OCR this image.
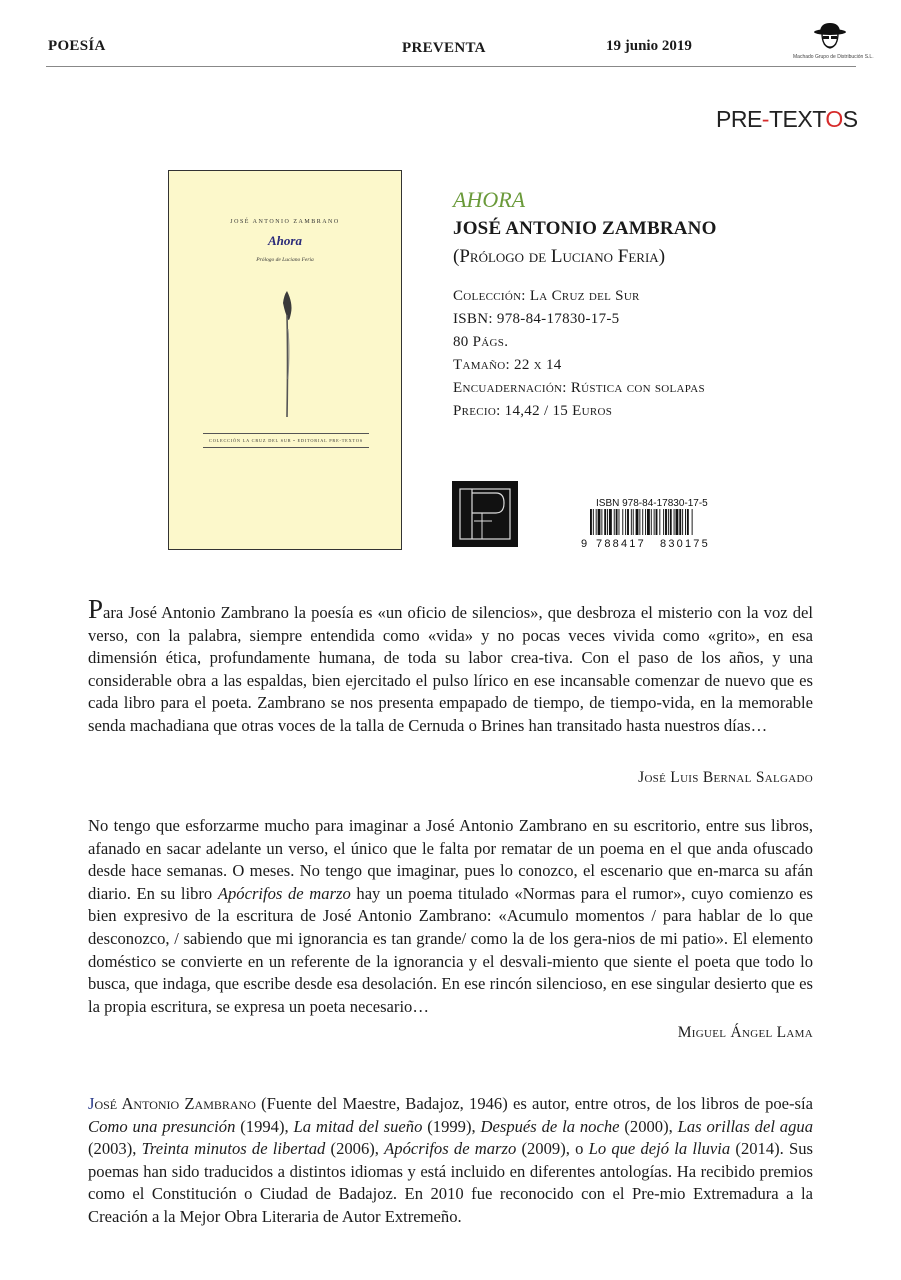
POESÍA	PREVENTA	19 junio 2019
Machado Grupo de Distribución S.L.
PRE-TEXTOS
JOSÉ ANTONIO ZAMBRANO
Ahora
Prólogo de Luciano Feria
COLECCIÓN LA CRUZ DEL SUR • EDITORIAL PRE-TEXTOS
AHORA
JOSÉ ANTONIO ZAMBRANO
(Prólogo de Luciano Feria)
Colección: La Cruz del Sur
ISBN: 978-84-17830-17-5
80 Págs.
Tamaño: 22 x 14
Encuadernación: Rústica con solapas
Precio: 14,42 / 15 Euros
ISBN 978-84-17830-17-5
9 788417 830175
Para José Antonio Zambrano la poesía es «un oficio de silencios», que desbroza el misterio con la voz del verso, con la palabra, siempre entendida como «vida» y no pocas veces vivida como «grito», en esa dimensión ética, profundamente humana, de toda su labor crea-tiva. Con el paso de los años, y una considerable obra a las espaldas, bien ejercitado el pulso lírico en ese incansable comenzar de nuevo que es cada libro para el poeta. Zambrano se nos presenta empapado de tiempo, de tiempo-vida, en la memorable senda machadiana que otras voces de la talla de Cernuda o Brines han transitado hasta nuestros días…
José Luis Bernal Salgado
No tengo que esforzarme mucho para imaginar a José Antonio Zambrano en su escritorio, entre sus libros, afanado en sacar adelante un verso, el único que le falta por rematar de un poema en el que anda ofuscado desde hace semanas. O meses. No tengo que imaginar, pues lo conozco, el escenario que en-marca su afán diario. En su libro Apócrifos de marzo hay un poema titulado «Normas para el rumor», cuyo comienzo es bien expresivo de la escritura de José Antonio Zambrano: «Acumulo momentos / para hablar de lo que desconozco, / sabiendo que mi ignorancia es tan grande/ como la de los gera-nios de mi patio». El elemento doméstico se convierte en un referente de la ignorancia y el desvali-miento que siente el poeta que todo lo busca, que indaga, que escribe desde esa desolación. En ese rincón silencioso, en ese singular desierto que es la propia escritura, se expresa un poeta necesario…
Miguel Ángel Lama
José Antonio Zambrano (Fuente del Maestre, Badajoz, 1946) es autor, entre otros, de los libros de poe-sía Como una presunción (1994), La mitad del sueño (1999), Después de la noche (2000), Las orillas del agua (2003), Treinta minutos de libertad (2006), Apócrifos de marzo (2009), o Lo que dejó la lluvia (2014). Sus poemas han sido traducidos a distintos idiomas y está incluido en diferentes antologías. Ha recibido premios como el Constitución o Ciudad de Badajoz. En 2010 fue reconocido con el Pre-mio Extremadura a la Creación a la Mejor Obra Literaria de Autor Extremeño.
